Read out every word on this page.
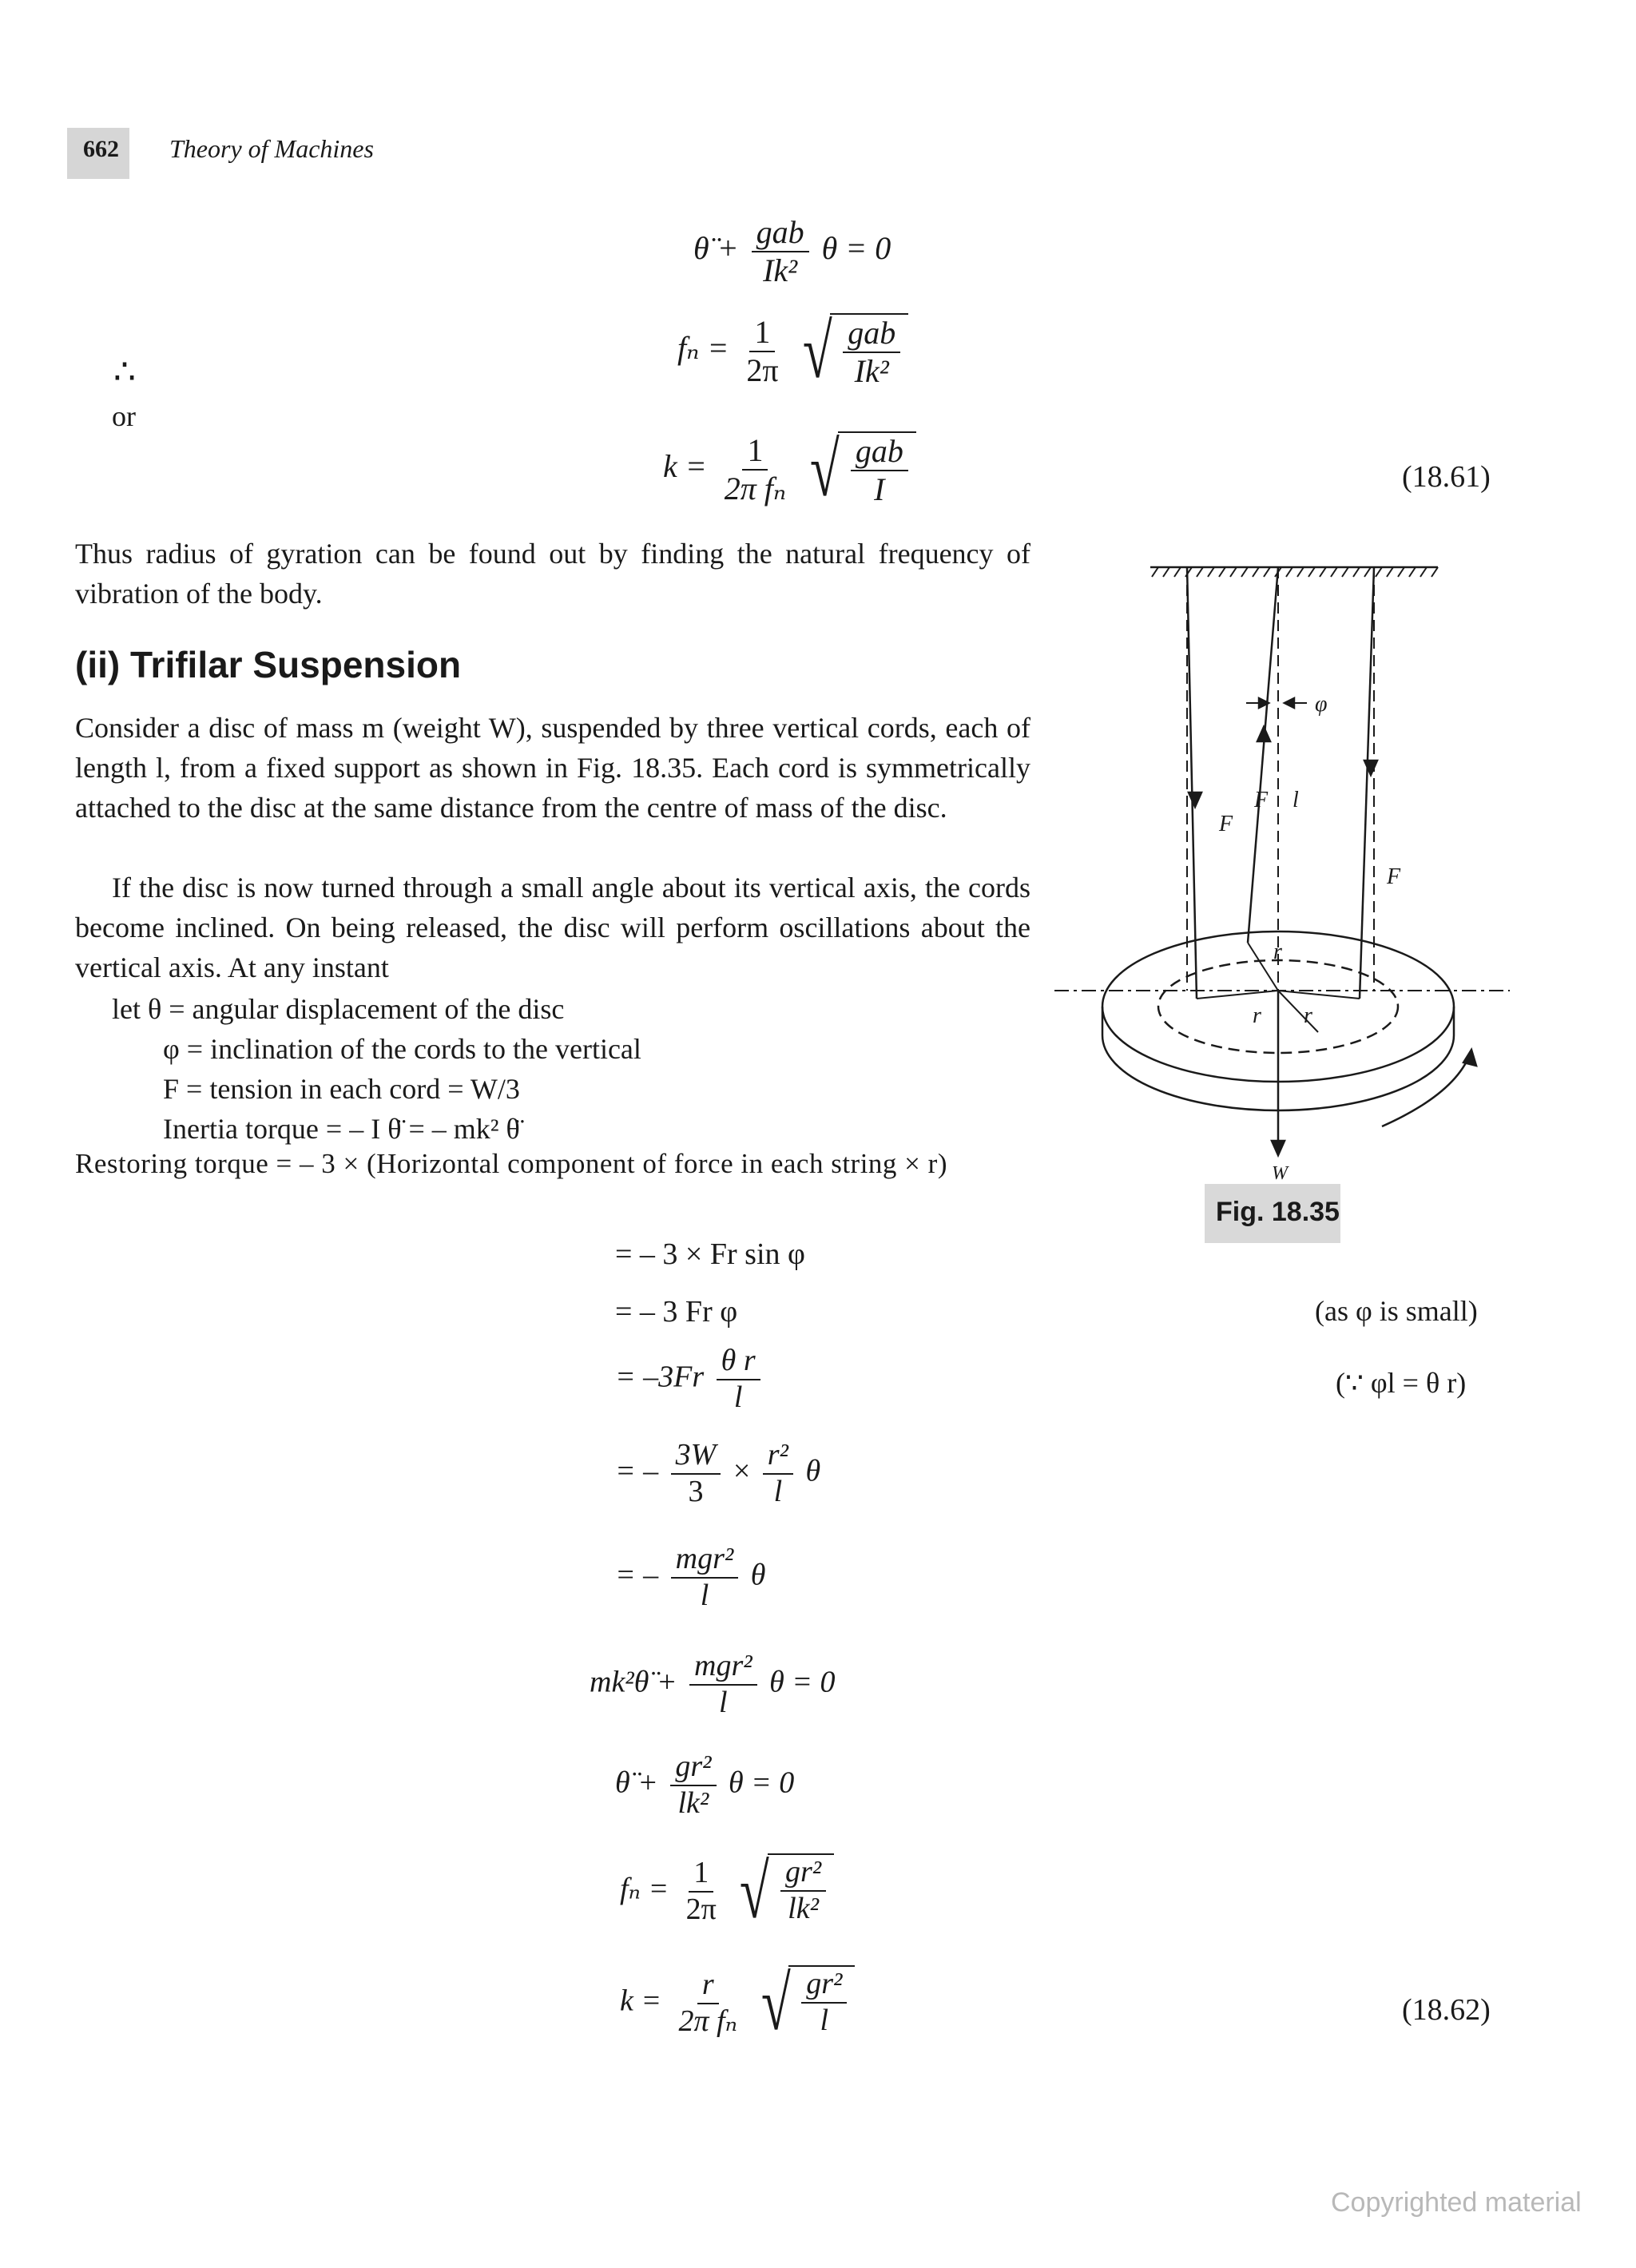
662 Theory of Machines
θ̈ + $\frac{\text{gab}}{\text{Ik²}}$ θ = 0
∴
or
$f_n = \frac{1}{2\pi}$
√ $\frac{\text{gab}}{\text{Ik²}}$
$k = \frac{1}{\text{2π fₙ}}$
√ $\frac{\text{gab}}{I}$	(18.61)
Thus radius of gyration can be found out by finding the natural frequency of vibration of the body.
(ii) Trifilar Suspension
Consider a disc of mass m (weight W), suspended by three vertical cords, each of length l, from a fixed support as shown in Fig. 18.35. Each cord is symmetrically attached to the disc at the same distance from the centre of mass of the disc.
If the disc is now turned through a small angle about its vertical axis, the cords become inclined. On being released, the disc will perform oscillations about the vertical axis. At any instant
let θ = angular displacement of the disc
φ = inclination of the cords to the vertical
F = tension in each cord = W/3
Inertia torque = – I θ̈ = – mk² θ̈
Restoring torque = – 3 × (Horizontal component of force in each string × r)
= – 3 × Fr sin φ
= – 3 Fr φ	(as φ is small)
= $-3Fr \frac{\text{θ r}}{l}$	(∵ φl = θ r)
= – $\frac{3W}{3} \times \frac{\text{r²}}{l}$ θ
= – $\frac{\text{mgr²}}{l}$ θ
mk²θ̈ + $\frac{\text{mgr²}}{l}$ θ = 0
θ̈ + $\frac{\text{gr²}}{\text{lk²}}$ θ = 0
$f_n = \frac{1}{2\pi}$
√ $\frac{\text{gr²}}{\text{lk²}}$
$k = \frac{r}{\text{2π fₙ}}$
√ $\frac{\text{gr²}}{l}$	(18.62)
φ
F
F
F
l
r
r r
W
Fig. 18.35
Copyrighted material
